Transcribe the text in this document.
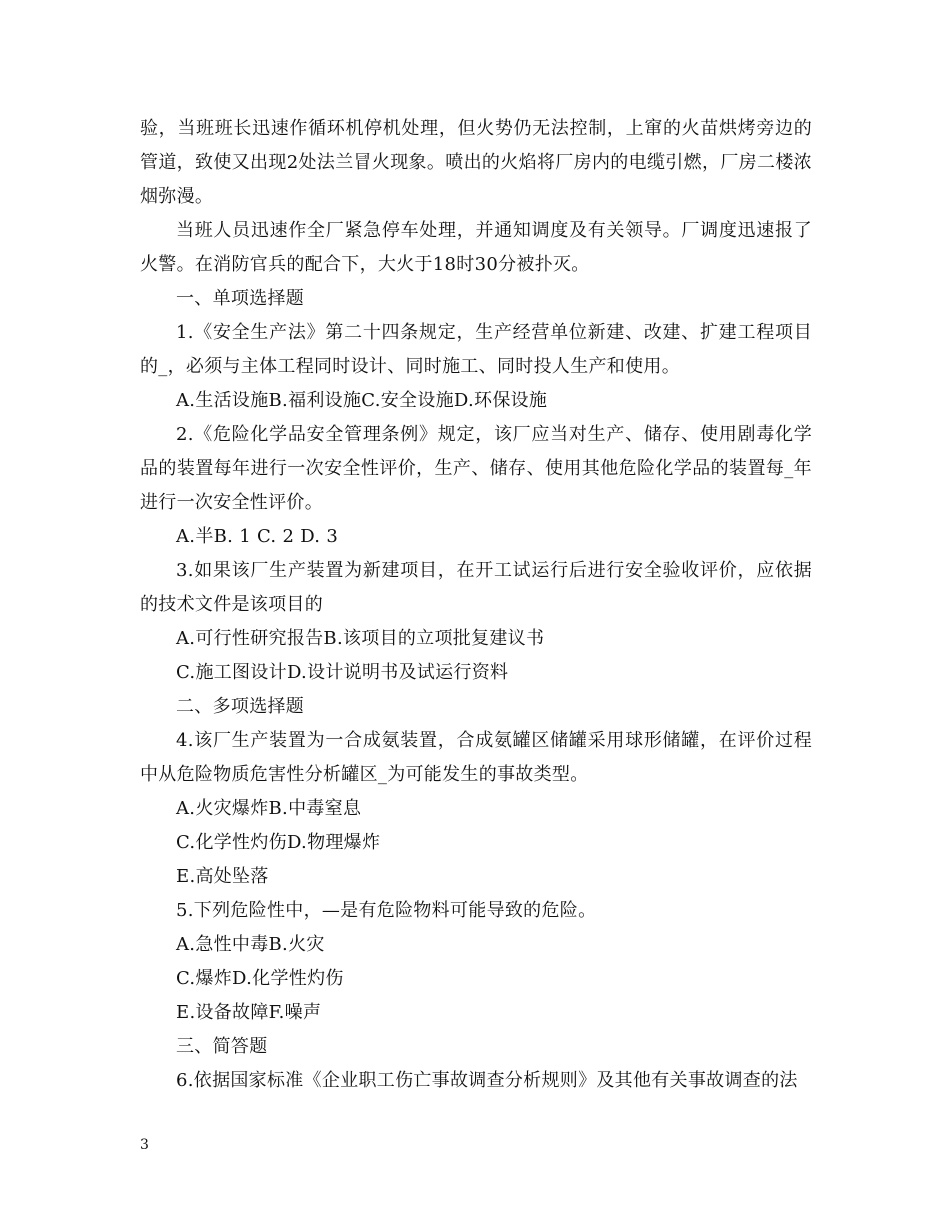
验，当班班长迅速作循环机停机处理，但火势仍无法控制，上窜的火苗烘烤旁边的管道，致使又出现2处法兰冒火现象。喷出的火焰将厂房内的电缆引燃，厂房二楼浓烟弥漫。

当班人员迅速作全厂紧急停车处理，并通知调度及有关领导。厂调度迅速报了火警。在消防官兵的配合下，大火于18时30分被扑灭。

一、单项选择题

1.《安全生产法》第二十四条规定，生产经营单位新建、改建、扩建工程项目的_，必须与主体工程同时设计、同时施工、同时投人生产和使用。

A.生活设施B.福利设施C.安全设施D.环保设施

2.《危险化学品安全管理条例》规定，该厂应当对生产、储存、使用剧毒化学品的装置每年进行一次安全性评价，生产、储存、使用其他危险化学品的装置每_年进行一次安全性评价。

A.半B. 1 C. 2 D. 3

3.如果该厂生产装置为新建项目，在开工试运行后进行安全验收评价，应依据的技术文件是该项目的

A.可行性研究报告B.该项目的立项批复建议书

C.施工图设计D.设计说明书及试运行资料

二、多项选择题

4.该厂生产装置为一合成氨装置，合成氨罐区储罐采用球形储罐，在评价过程中从危险物质危害性分析罐区_为可能发生的事故类型。

A.火灾爆炸B.中毒窒息

C.化学性灼伤D.物理爆炸

E.高处坠落

5.下列危险性中，—是有危险物料可能导致的危险。

A.急性中毒B.火灾

C.爆炸D.化学性灼伤

E.设备故障F.噪声

三、简答题

6.依据国家标准《企业职工伤亡事故调查分析规则》及其他有关事故调查的法

3
